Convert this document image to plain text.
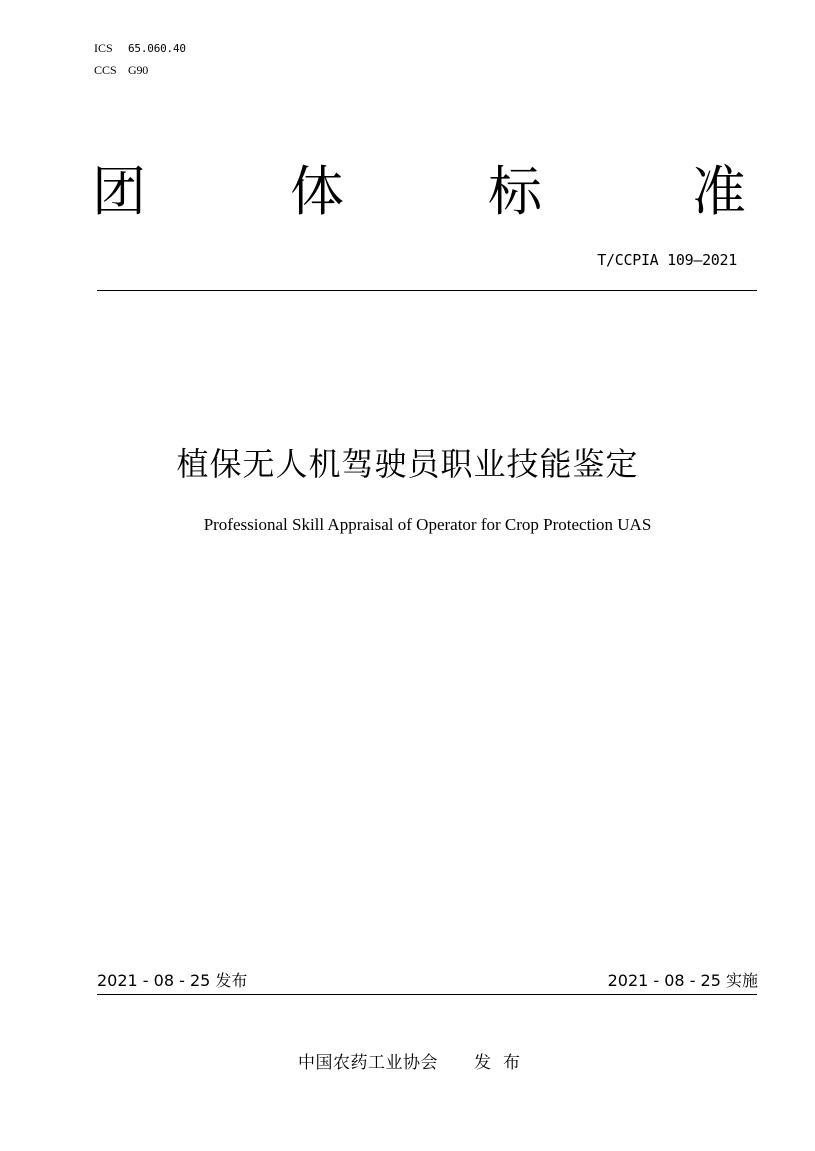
ICS 65.060.40
CCS G90
团	体	标	准
T/CCPIA 109—2021
植保无人机驾驶员职业技能鉴定
Professional Skill Appraisal of Operator for Crop Protection UAS
2021 - 08 - 25 发布	2021 - 08 - 25 实施
中国农药工业协会 发布
